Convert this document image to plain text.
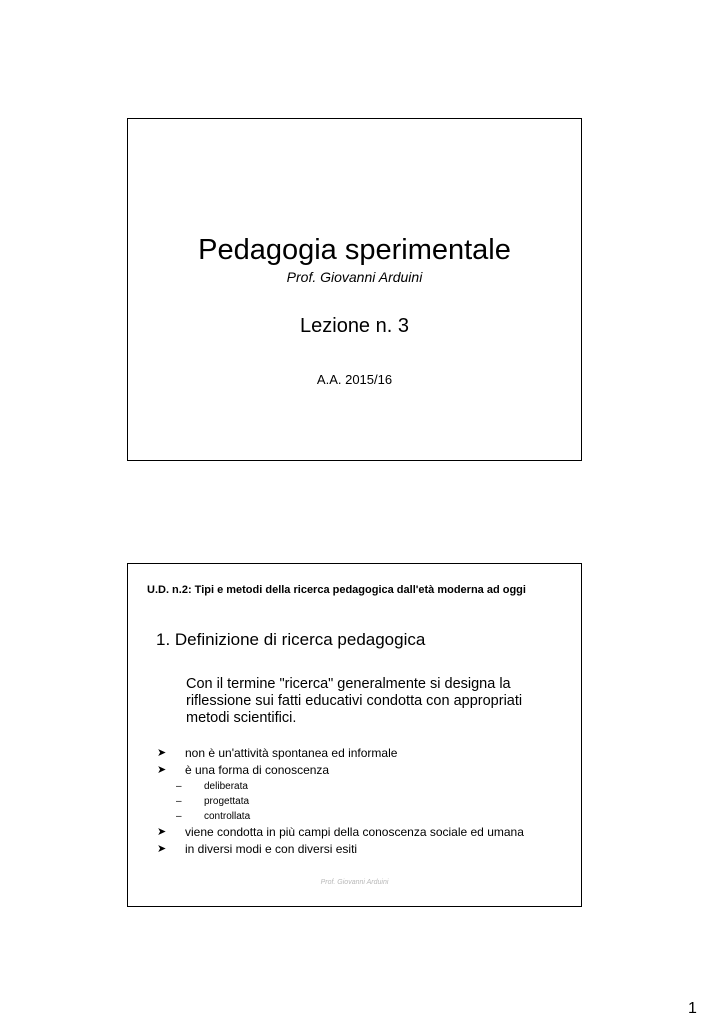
Pedagogia sperimentale
Prof. Giovanni Arduini
Lezione n. 3
A.A. 2015/16
U.D. n.2: Tipi e metodi della ricerca pedagogica dall'età moderna ad oggi
1. Definizione di ricerca pedagogica
Con il termine "ricerca" generalmente si designa la riflessione sui fatti educativi condotta con appropriati metodi scientifici.
➤ non è un'attività spontanea ed informale
➤ è una forma di conoscenza
– deliberata
– progettata
– controllata
➤ viene condotta in più campi della conoscenza sociale ed umana
➤ in diversi modi e con diversi esiti
Prof. Giovanni Arduini
1
